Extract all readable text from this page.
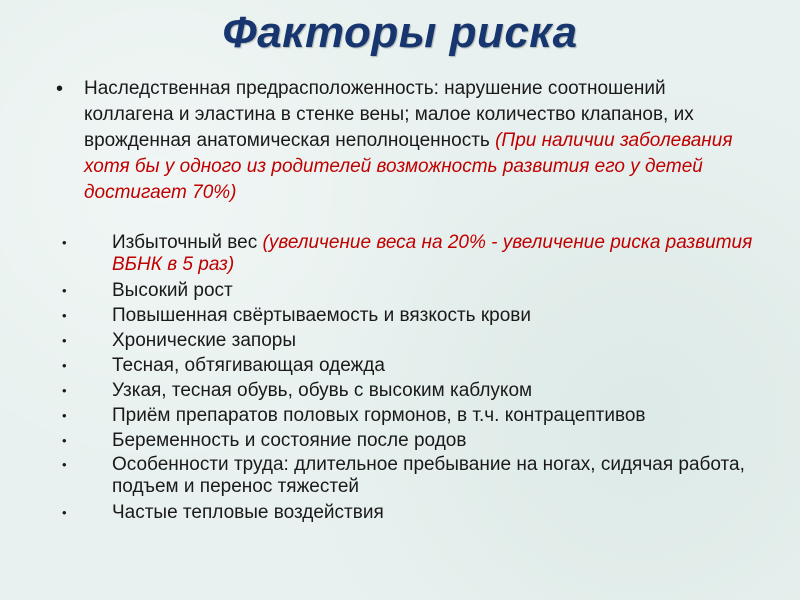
Факторы риска
• Наследственная предрасположенность: нарушение соотношений коллагена и эластина в стенке вены; малое количество клапанов, их врожденная анатомическая неполноценность (При наличии заболевания хотя бы у одного из родителей возможность развития его у детей достигает 70%)
• Избыточный вес (увеличение веса на 20% - увеличение риска развития ВБНК в 5 раз)
• Высокий рост
• Повышенная свёртываемость и вязкость крови
• Хронические запоры
• Тесная, обтягивающая одежда
• Узкая, тесная обувь, обувь с высоким каблуком
• Приём препаратов половых гормонов, в т.ч. контрацептивов
• Беременность и состояние после родов
• Особенности труда: длительное пребывание на ногах, сидячая работа, подъем и перенос тяжестей
• Частые тепловые воздействия
